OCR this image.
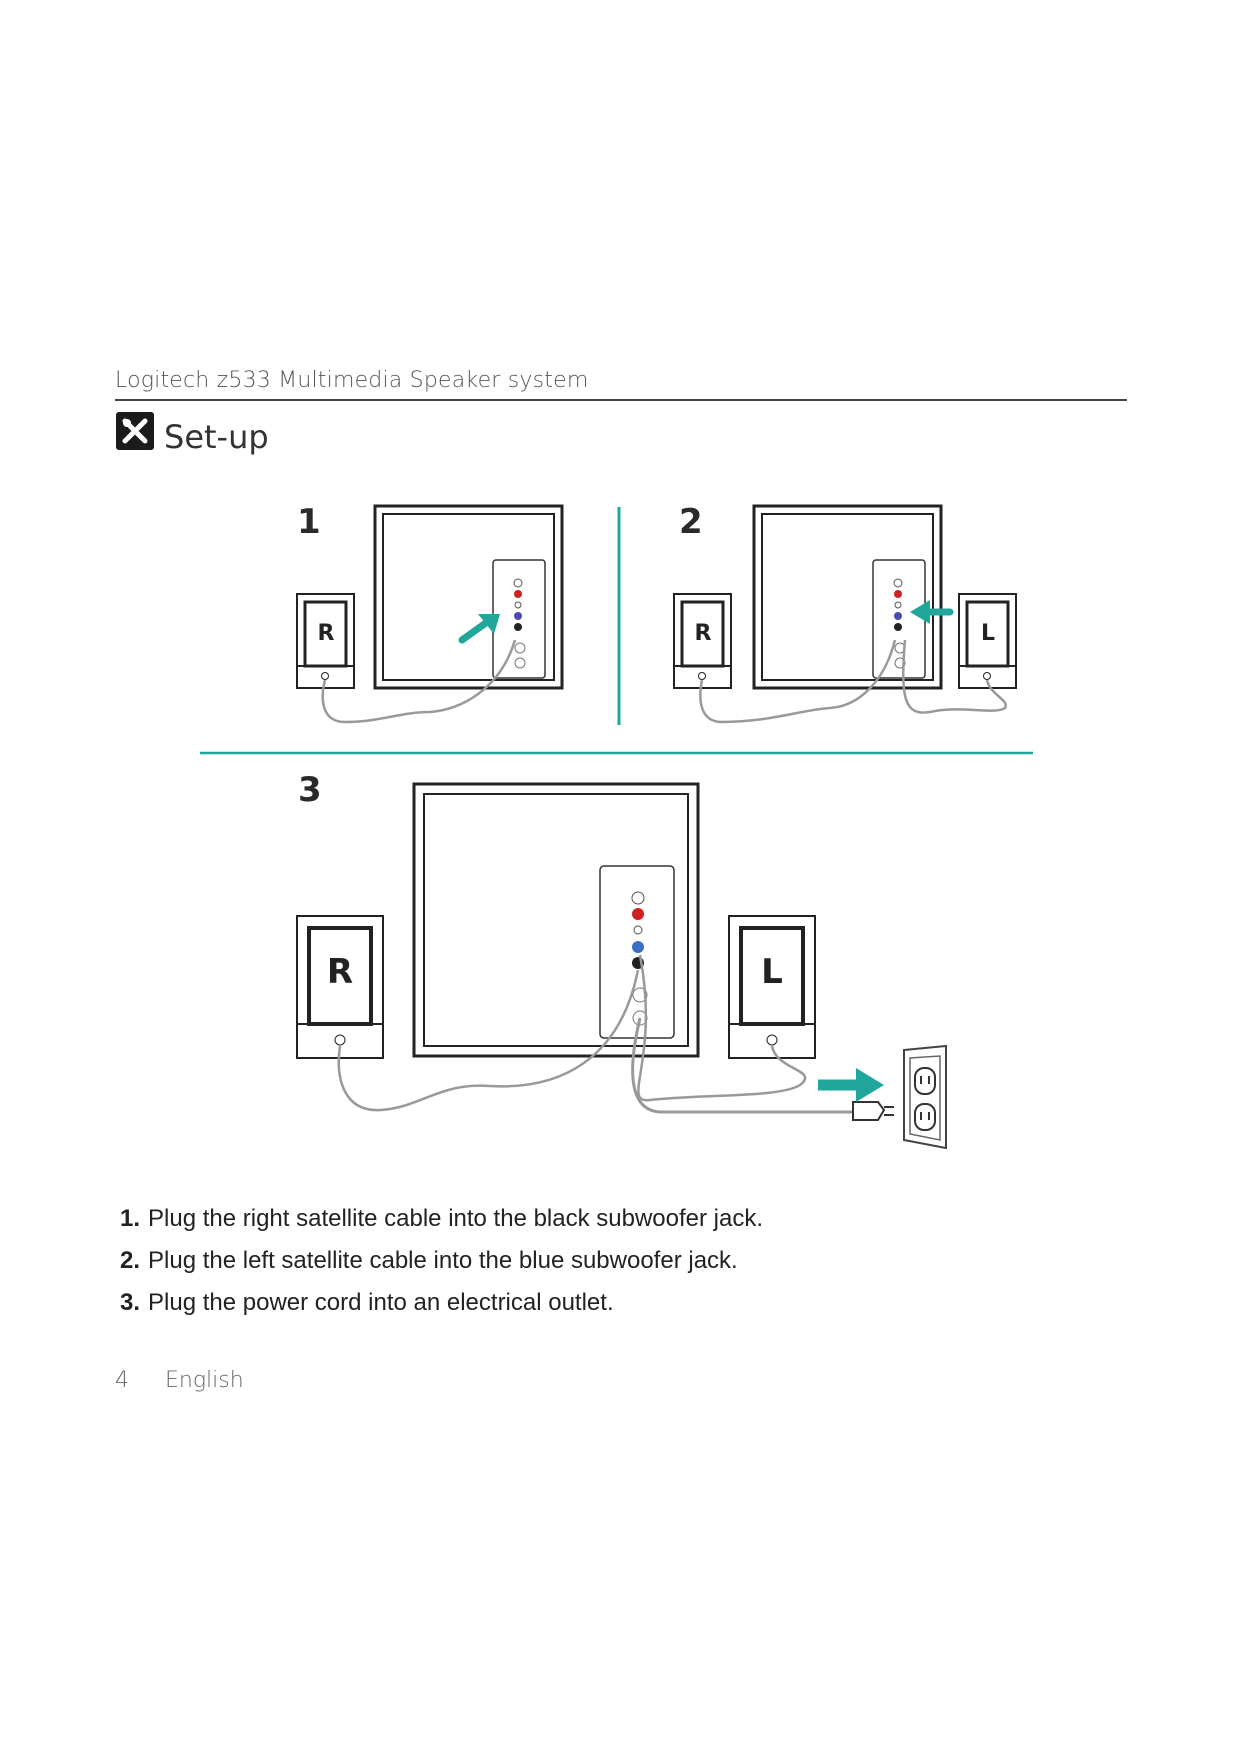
Logitech z533 Multimedia Speaker system
Set-up
1	2
3
R	R	L
R	L
1. Plug the right satellite cable into the black subwoofer jack.
2. Plug the left satellite cable into the blue subwoofer jack.
3. Plug the power cord into an electrical outlet.
4 English
